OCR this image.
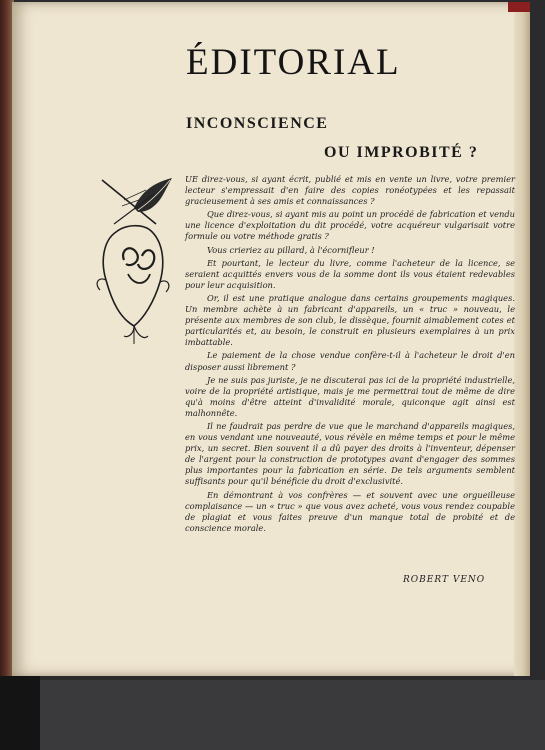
ÉDITORIAL
INCONSCIENCE
OU IMPROBITÉ ?

UE direz-vous, si ayant écrit, publié et mis en vente un livre, votre premier lecteur s'empressait d'en faire des copies ronéotypées et les repassait gracieusement à ses amis et connaissances ?

Que direz-vous, si ayant mis au point un procédé de fabrication et vendu une licence d'exploitation du dit procédé, votre acquéreur vulgarisait votre formule ou votre méthode gratis ?

Vous crieriez au pillard, à l'écornifleur !

Et pourtant, le lecteur du livre, comme l'acheteur de la licence, se seraient acquittés envers vous de la somme dont ils vous étaient redevables pour leur acquisition.

Or, il est une pratique analogue dans certains groupements magiques. Un membre achète à un fabricant d'appareils, un « truc » nouveau, le présente aux membres de son club, le dissèque, fournit aimablement cotes et particularités et, au besoin, le construit en plusieurs exemplaires à un prix imbattable.

Le paiement de la chose vendue confère-t-il à l'acheteur le droit d'en disposer aussi librement ?

Je ne suis pas juriste, je ne discuterai pas ici de la propriété industrielle, voire de la propriété artistique, mais je me permettrai tout de même de dire qu'à moins d'être atteint d'invalidité morale, quiconque agit ainsi est malhonnête.

Il ne faudrait pas perdre de vue que le marchand d'appareils magiques, en vous vendant une nouveauté, vous révèle en même temps et pour le même prix, un secret. Bien souvent il a dû payer des droits à l'inventeur, dépenser de l'argent pour la construction de prototypes avant d'engager des sommes plus importantes pour la fabrication en série. De tels arguments semblent suffisants pour qu'il bénéficie du droit d'exclusivité.

En démontrant à vos confrères — et souvent avec une orgueilleuse complaisance — un « truc » que vous avez acheté, vous vous rendez coupable de plagiat et vous faites preuve d'un manque total de probité et de conscience morale.

ROBERT VENO
